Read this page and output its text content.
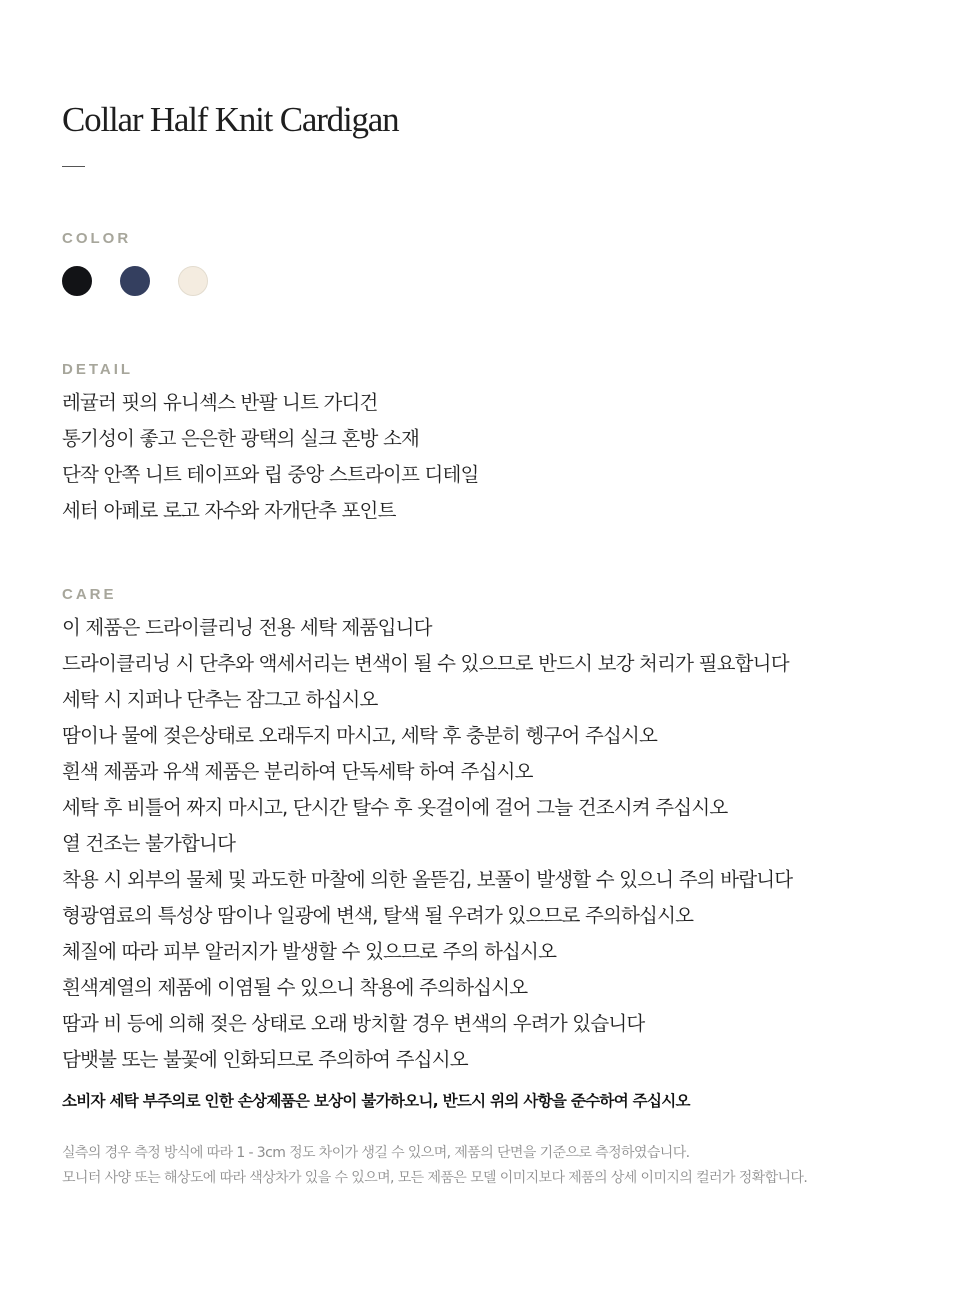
Collar Half Knit Cardigan
COLOR
DETAIL
레귤러 핏의 유니섹스 반팔 니트 가디건
통기성이 좋고 은은한 광택의 실크 혼방 소재
단작 안쪽 니트 테이프와 립 중앙 스트라이프 디테일
세터 아페로 로고 자수와 자개단추 포인트
CARE
이 제품은 드라이클리닝 전용 세탁 제품입니다
드라이클리닝 시 단추와 액세서리는 변색이 될 수 있으므로 반드시 보강 처리가 필요합니다
세탁 시 지퍼나 단추는 잠그고 하십시오
땀이나 물에 젖은상태로 오래두지 마시고, 세탁 후 충분히 헹구어 주십시오
흰색 제품과 유색 제품은 분리하여 단독세탁 하여 주십시오
세탁 후 비틀어 짜지 마시고, 단시간 탈수 후 옷걸이에 걸어 그늘 건조시켜 주십시오
열 건조는 불가합니다
착용 시 외부의 물체 및 과도한 마찰에 의한 올뜯김, 보풀이 발생할 수 있으니 주의 바랍니다
형광염료의 특성상 땀이나 일광에 변색, 탈색 될 우려가 있으므로 주의하십시오
체질에 따라 피부 알러지가 발생할 수 있으므로 주의 하십시오
흰색계열의 제품에 이염될 수 있으니 착용에 주의하십시오
땀과 비 등에 의해 젖은 상태로 오래 방치할 경우 변색의 우려가 있습니다
담뱃불 또는 불꽃에 인화되므로 주의하여 주십시오

소비자 세탁 부주의로 인한 손상제품은 보상이 불가하오니, 반드시 위의 사항을 준수하여 주십시오

실측의 경우 측정 방식에 따라 1 - 3cm 정도 차이가 생길 수 있으며, 제품의 단면을 기준으로 측정하였습니다.
모니터 사양 또는 해상도에 따라 색상차가 있을 수 있으며, 모든 제품은 모델 이미지보다 제품의 상세 이미지의 컬러가 정확합니다.
